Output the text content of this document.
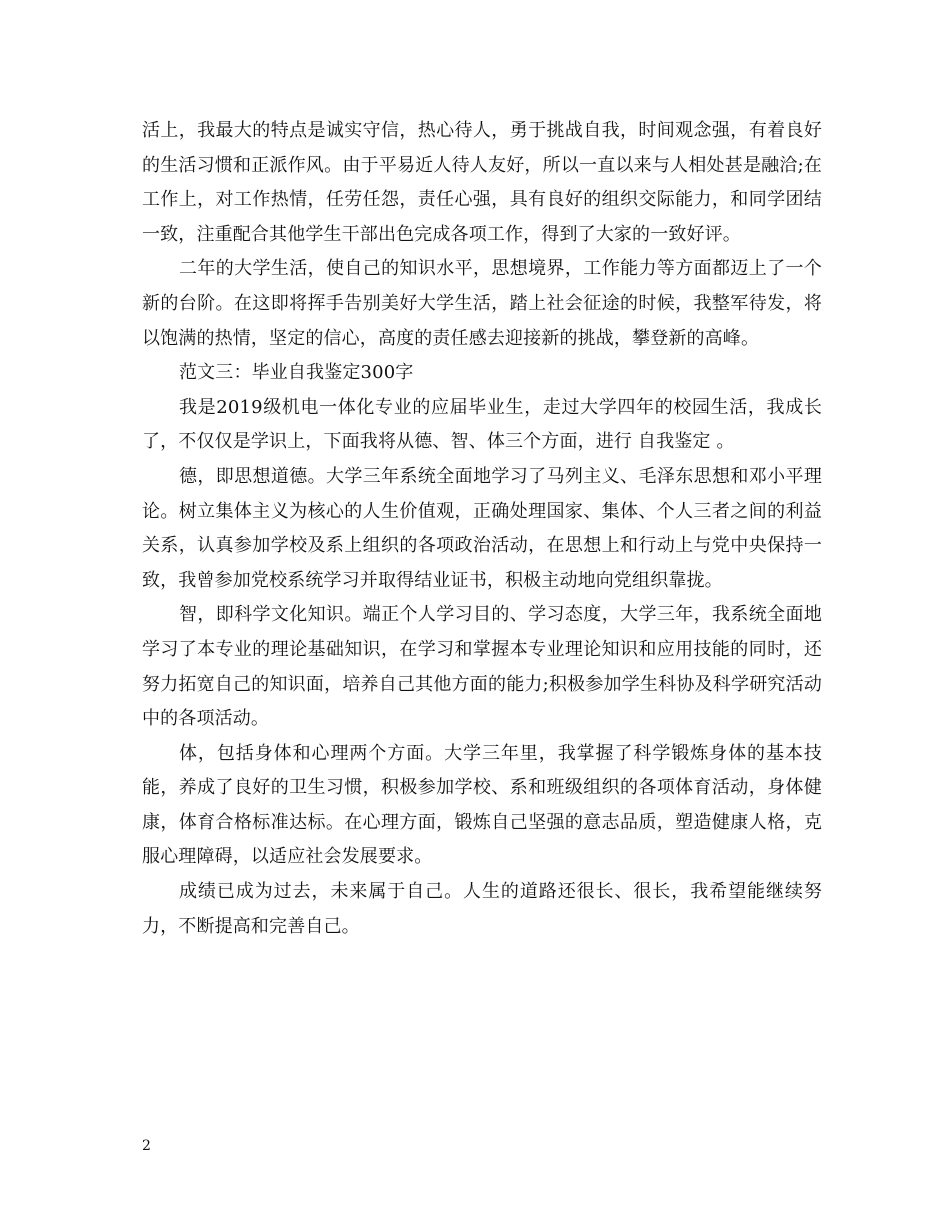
活上，我最大的特点是诚实守信，热心待人，勇于挑战自我，时间观念强，有着良好的生活习惯和正派作风。由于平易近人待人友好，所以一直以来与人相处甚是融洽;在工作上，对工作热情，任劳任怨，责任心强，具有良好的组织交际能力，和同学团结一致，注重配合其他学生干部出色完成各项工作，得到了大家的一致好评。

二年的大学生活，使自己的知识水平，思想境界，工作能力等方面都迈上了一个新的台阶。在这即将挥手告别美好大学生活，踏上社会征途的时候，我整军待发，将以饱满的热情，坚定的信心，高度的责任感去迎接新的挑战，攀登新的高峰。

范文三：毕业自我鉴定300字

我是2019级机电一体化专业的应届毕业生，走过大学四年的校园生活，我成长了，不仅仅是学识上，下面我将从德、智、体三个方面，进行 自我鉴定 。

德，即思想道德。大学三年系统全面地学习了马列主义、毛泽东思想和邓小平理论。树立集体主义为核心的人生价值观，正确处理国家、集体、个人三者之间的利益关系，认真参加学校及系上组织的各项政治活动，在思想上和行动上与党中央保持一致，我曾参加党校系统学习并取得结业证书，积极主动地向党组织靠拢。

智，即科学文化知识。端正个人学习目的、学习态度，大学三年，我系统全面地学习了本专业的理论基础知识，在学习和掌握本专业理论知识和应用技能的同时，还努力拓宽自己的知识面，培养自己其他方面的能力;积极参加学生科协及科学研究活动中的各项活动。

体，包括身体和心理两个方面。大学三年里，我掌握了科学锻炼身体的基本技能，养成了良好的卫生习惯，积极参加学校、系和班级组织的各项体育活动，身体健康，体育合格标准达标。在心理方面，锻炼自己坚强的意志品质，塑造健康人格，克服心理障碍，以适应社会发展要求。

成绩已成为过去，未来属于自己。人生的道路还很长、很长，我希望能继续努力，不断提高和完善自己。

2
